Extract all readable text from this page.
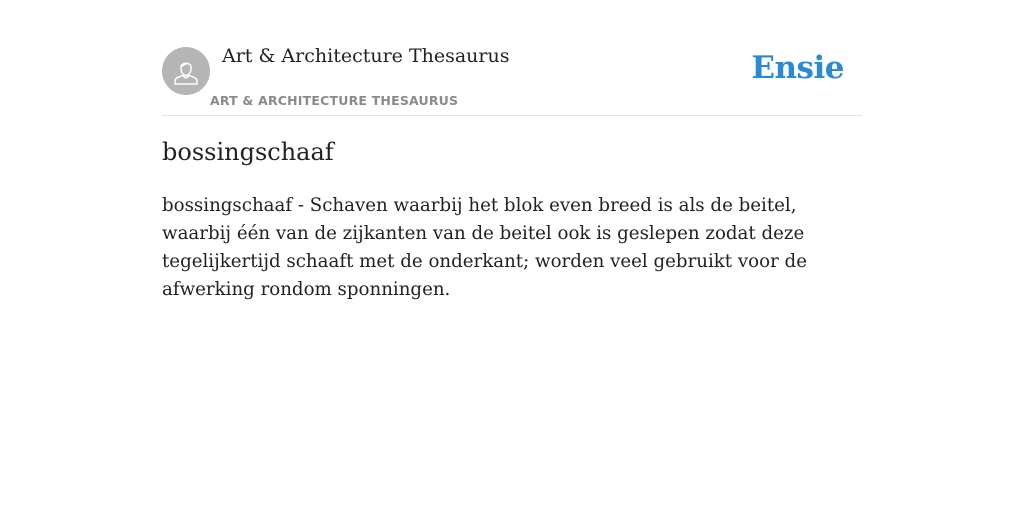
Art & Architecture Thesaurus
ART & ARCHITECTURE THESAURUS
Ensie
bossingschaaf

bossingschaaf - Schaven waarbij het blok even breed is als de beitel, waarbij één van de zijkanten van de beitel ook is geslepen zodat deze tegelijkertijd schaaft met de onderkant; worden veel gebruikt voor de afwerking rondom sponningen.
